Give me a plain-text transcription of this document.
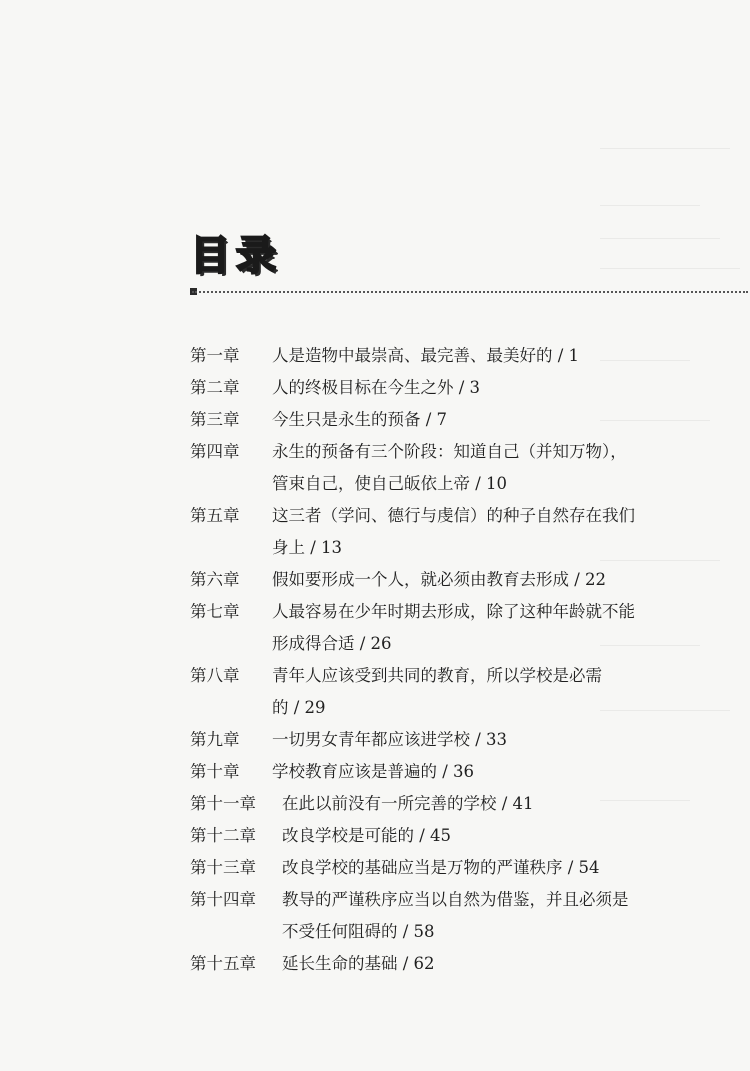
目录
第一章	人是造物中最崇高、最完善、最美好的 / 1
第二章	人的终极目标在今生之外 / 3
第三章	今生只是永生的预备 / 7
第四章	永生的预备有三个阶段：知道自己（并知万物），
管束自己，使自己皈依上帝 / 10
第五章	这三者（学问、德行与虔信）的种子自然存在我们
身上 / 13
第六章	假如要形成一个人，就必须由教育去形成 / 22
第七章	人最容易在少年时期去形成，除了这种年龄就不能
形成得合适 / 26
第八章	青年人应该受到共同的教育，所以学校是必需
的 / 29
第九章	一切男女青年都应该进学校 / 33
第十章	学校教育应该是普遍的 / 36
第十一章	在此以前没有一所完善的学校 / 41
第十二章	改良学校是可能的 / 45
第十三章	改良学校的基础应当是万物的严谨秩序 / 54
第十四章	教导的严谨秩序应当以自然为借鉴，并且必须是
不受任何阻碍的 / 58
第十五章	延长生命的基础 / 62
